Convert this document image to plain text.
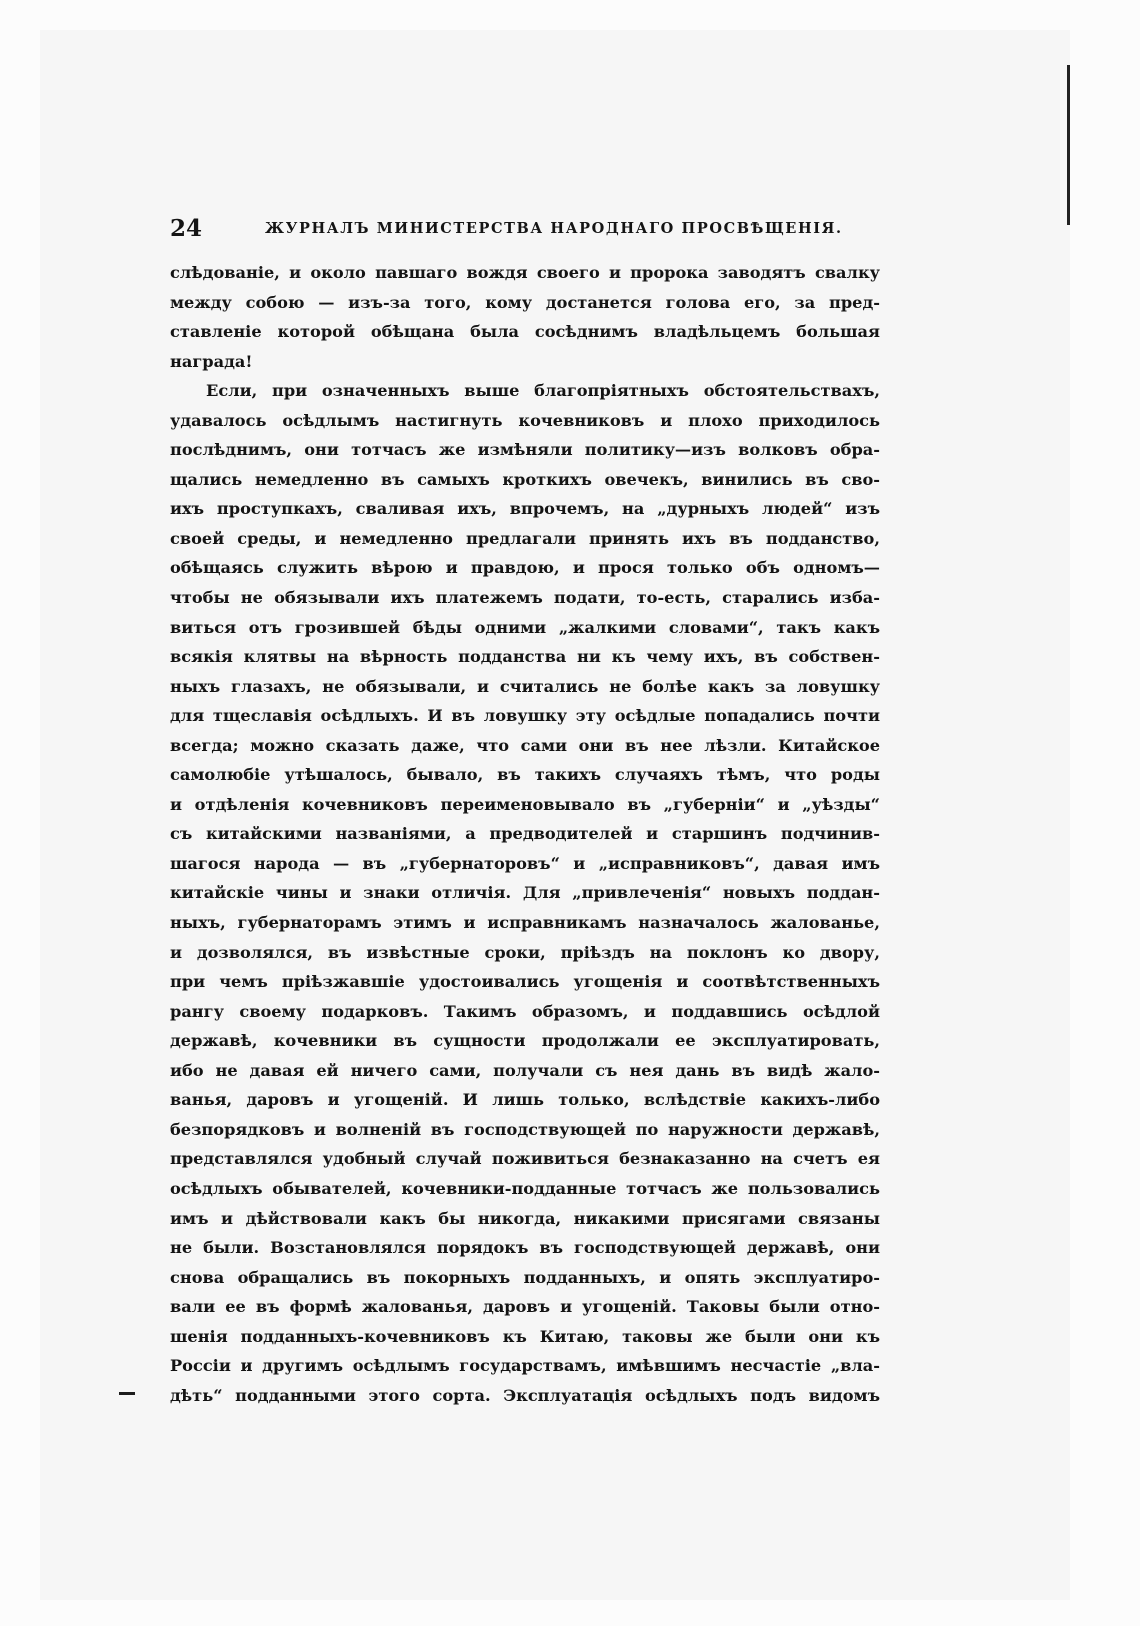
24	ЖУРНАЛЪ МИНИСТЕРСТВА НАРОДНАГО ПРОСВѢЩЕНІЯ.
слѣдованіе, и около павшаго вождя своего и пророка заводятъ свалку
между собою — изъ-за того, кому достанется голова его, за пред-
ставленіе которой обѣщана была сосѣднимъ владѣльцемъ большая
награда!
Если, при означенныхъ выше благопріятныхъ обстоятельствахъ,
удавалось осѣдлымъ настигнуть кочевниковъ и плохо приходилось
послѣднимъ, они тотчасъ же измѣняли политику—изъ волковъ обра-
щались немедленно въ самыхъ кроткихъ овечекъ, винились въ сво-
ихъ проступкахъ, сваливая ихъ, впрочемъ, на „дурныхъ людей“ изъ
своей среды, и немедленно предлагали принять ихъ въ подданство,
обѣщаясь служить вѣрою и правдою, и прося только объ одномъ—
чтобы не обязывали ихъ платежемъ подати, то-есть, старались изба-
виться отъ грозившей бѣды одними „жалкими словами“, такъ какъ
всякія клятвы на вѣрность подданства ни къ чему ихъ, въ собствен-
ныхъ глазахъ, не обязывали, и считались не болѣе какъ за ловушку
для тщеславія осѣдлыхъ. И въ ловушку эту осѣдлые попадались почти
всегда; можно сказать даже, что сами они въ нее лѣзли. Китайское
самолюбіе утѣшалось, бывало, въ такихъ случаяхъ тѣмъ, что роды
и отдѣленія кочевниковъ переименовывало въ „губерніи“ и „уѣзды“
съ китайскими названіями, а предводителей и старшинъ подчинив-
шагося народа — въ „губернаторовъ“ и „исправниковъ“, давая имъ
китайскіе чины и знаки отличія. Для „привлеченія“ новыхъ поддан-
ныхъ, губернаторамъ этимъ и исправникамъ назначалось жалованье,
и дозволялся, въ извѣстные сроки, пріѣздъ на поклонъ ко двору,
при чемъ пріѣзжавшіе удостоивались угощенія и соотвѣтственныхъ
рангу своему подарковъ. Такимъ образомъ, и поддавшись осѣдлой
державѣ, кочевники въ сущности продолжали ее эксплуатировать,
ибо не давая ей ничего сами, получали съ нея дань въ видѣ жало-
ванья, даровъ и угощеній. И лишь только, вслѣдствіе какихъ-либо
безпорядковъ и волненій въ господствующей по наружности державѣ,
представлялся удобный случай поживиться безнаказанно на счетъ ея
осѣдлыхъ обывателей, кочевники-подданные тотчасъ же пользовались
имъ и дѣйствовали какъ бы никогда, никакими присягами связаны
не были. Возстановлялся порядокъ въ господствующей державѣ, они
снова обращались въ покорныхъ подданныхъ, и опять эксплуатиро-
вали ее въ формѣ жалованья, даровъ и угощеній. Таковы были отно-
шенія подданныхъ-кочевниковъ къ Китаю, таковы же были они къ
Россіи и другимъ осѣдлымъ государствамъ, имѣвшимъ несчастіе „вла-
дѣть“ подданными этого сорта. Эксплуатація осѣдлыхъ подъ видомъ
